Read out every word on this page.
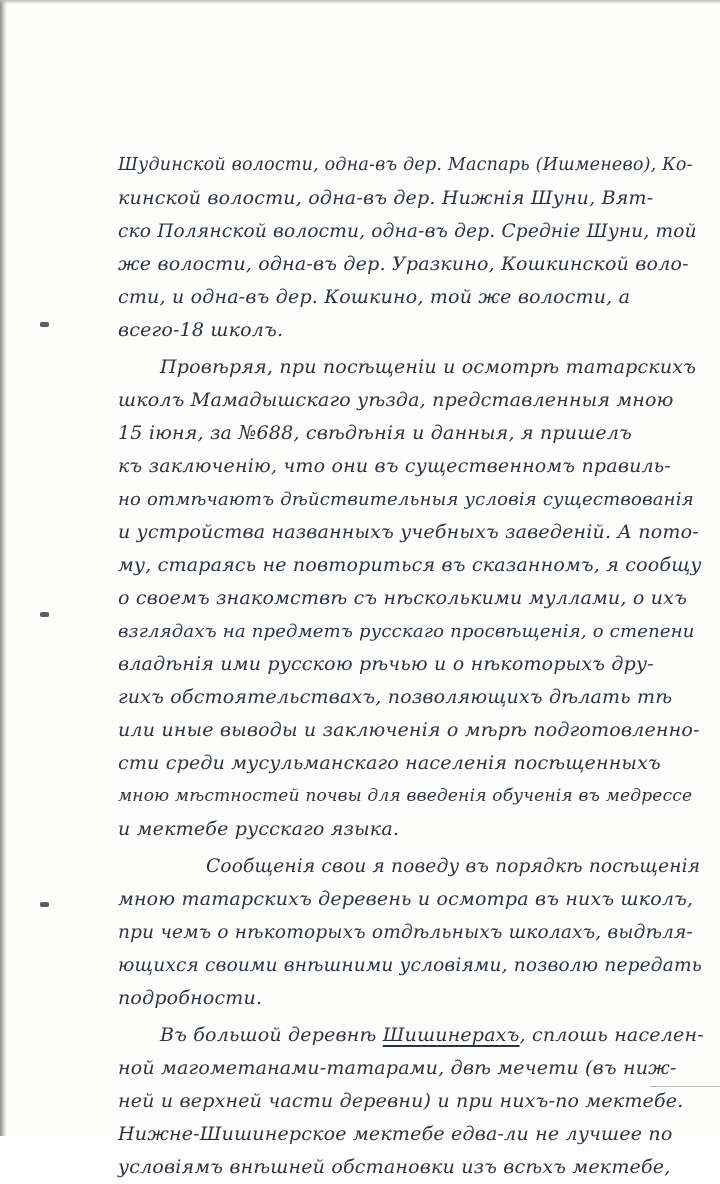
Шудинской волости, одна-въ дер. Маспарь (Ишменево), Ко-
кинской волости, одна-въ дер. Нижнія Шуни, Вят-
ско Полянской волости, одна-въ дер. Средніе Шуни, той
же волости, одна-въ дер. Уразкино, Кошкинской воло-
сти, и одна-въ дер. Кошкино, той же волости, а
всего-18 школъ.
Провѣряя, при посѣщеніи и осмотрѣ татарскихъ
школъ Мамадышскаго уѣзда, представленныя мною
15 іюня, за №688, свѣдѣнія и данныя, я пришелъ
къ заключенію, что они въ существенномъ правиль-
но отмѣчаютъ дѣйствительныя условія существованія
и устройства названныхъ учебныхъ заведеній. А пото-
му, стараясь не повториться въ сказанномъ, я сообщу
о своемъ знакомствѣ съ нѣсколькими муллами, о ихъ
взглядахъ на предметъ русскаго просвѣщенія, о степени
владѣнія ими русскою рѣчью и о нѣкоторыхъ дру-
гихъ обстоятельствахъ, позволяющихъ дѣлать тѣ
или иные выводы и заключенія о мѣрѣ подготовленно-
сти среди мусульманскаго населенія посѣщенныхъ
мною мѣстностей почвы для введенія обученія въ медрессе
и мектебе русскаго языка.
Сообщенія свои я поведу въ порядкѣ посѣщенія
мною татарскихъ деревень и осмотра въ нихъ школъ,
при чемъ о нѣкоторыхъ отдѣльныхъ школахъ, выдѣля-
ющихся своими внѣшними условіями, позволю передать
подробности.
Въ большой деревнѣ Шишинерахъ, сплошь населен-
ной магометанами-татарами, двѣ мечети (въ ниж-
ней и верхней части деревни) и при нихъ-по мектебе.
Нижне-Шишинерское мектебе едва-ли не лучшее по
условіямъ внѣшней обстановки изъ всѣхъ мектебе,
